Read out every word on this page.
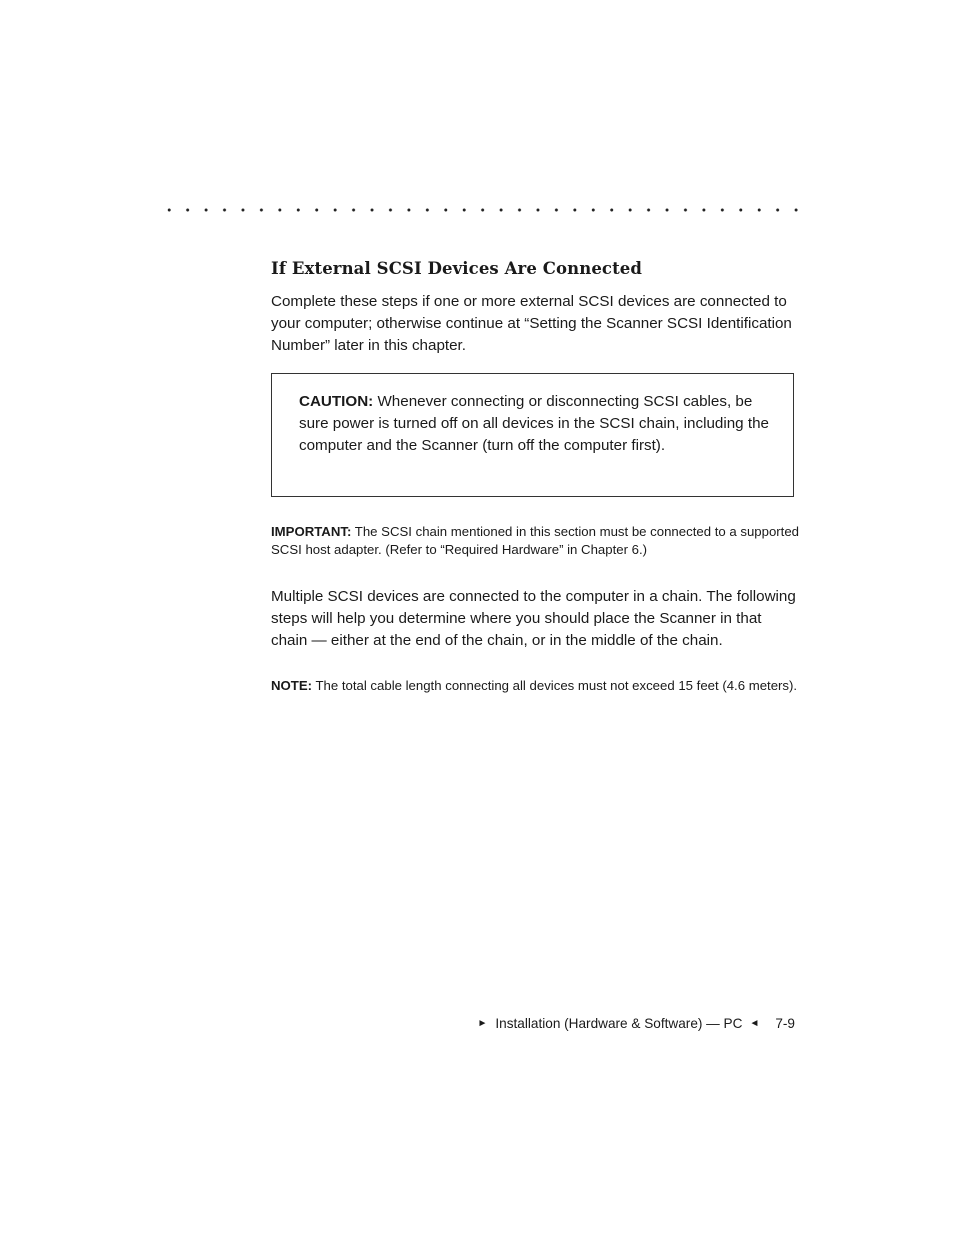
If External SCSI Devices Are Connected

Complete these steps if one or more external SCSI devices are connected to your computer; otherwise continue at “Setting the Scanner SCSI Identification Number” later in this chapter.

CAUTION: Whenever connecting or disconnecting SCSI cables, be sure power is turned off on all devices in the SCSI chain, including the computer and the Scanner (turn off the computer first).

IMPORTANT: The SCSI chain mentioned in this section must be connected to a supported SCSI host adapter. (Refer to “Required Hardware” in Chapter 6.)

Multiple SCSI devices are connected to the computer in a chain. The following steps will help you determine where you should place the Scanner in that chain — either at the end of the chain, or in the middle of the chain.

NOTE: The total cable length connecting all devices must not exceed 15 feet (4.6 meters).

► Installation (Hardware & Software) — PC ◄ 7-9
